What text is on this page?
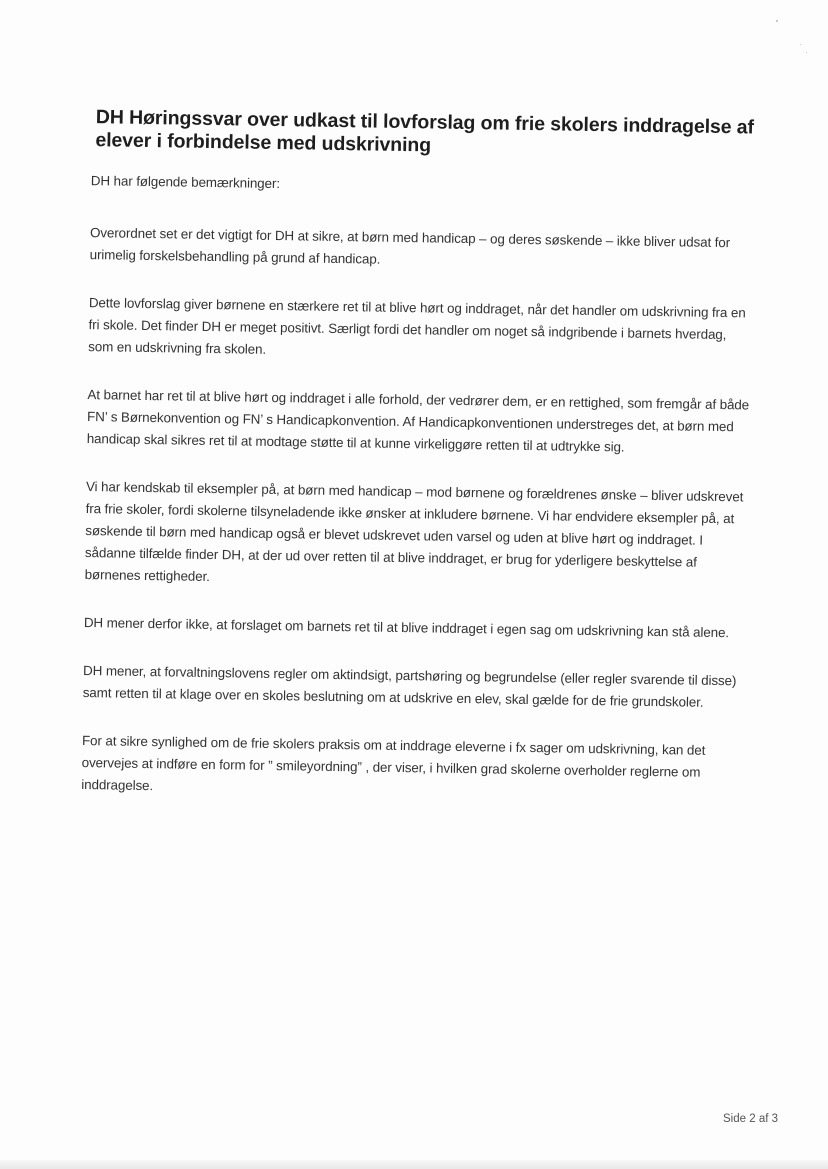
DH Høringssvar over udkast til lovforslag om frie skolers inddragelse af elever i forbindelse med udskrivning

DH har følgende bemærkninger:

Overordnet set er det vigtigt for DH at sikre, at børn med handicap – og deres søskende – ikke bliver udsat for urimelig forskelsbehandling på grund af handicap.

Dette lovforslag giver børnene en stærkere ret til at blive hørt og inddraget, når det handler om udskrivning fra en fri skole. Det finder DH er meget positivt. Særligt fordi det handler om noget så indgribende i barnets hverdag, som en udskrivning fra skolen.

At barnet har ret til at blive hørt og inddraget i alle forhold, der vedrører dem, er en rettighed, som fremgår af både FN’ s Børnekonvention og FN’ s Handicapkonvention. Af Handicapkonventionen understreges det, at børn med handicap skal sikres ret til at modtage støtte til at kunne virkeliggøre retten til at udtrykke sig.

Vi har kendskab til eksempler på, at børn med handicap – mod børnene og forældrenes ønske – bliver udskrevet fra frie skoler, fordi skolerne tilsyneladende ikke ønsker at inkludere børnene. Vi har endvidere eksempler på, at søskende til børn med handicap også er blevet udskrevet uden varsel og uden at blive hørt og inddraget. I sådanne tilfælde finder DH, at der ud over retten til at blive inddraget, er brug for yderligere beskyttelse af børnenes rettigheder.

DH mener derfor ikke, at forslaget om barnets ret til at blive inddraget i egen sag om udskrivning kan stå alene.

DH mener, at forvaltningslovens regler om aktindsigt, partshøring og begrundelse (eller regler svarende til disse) samt retten til at klage over en skoles beslutning om at udskrive en elev, skal gælde for de frie grundskoler.

For at sikre synlighed om de frie skolers praksis om at inddrage eleverne i fx sager om udskrivning, kan det overvejes at indføre en form for ” smileyordning” , der viser, i hvilken grad skolerne overholder reglerne om inddragelse.

Side 2 af 3
